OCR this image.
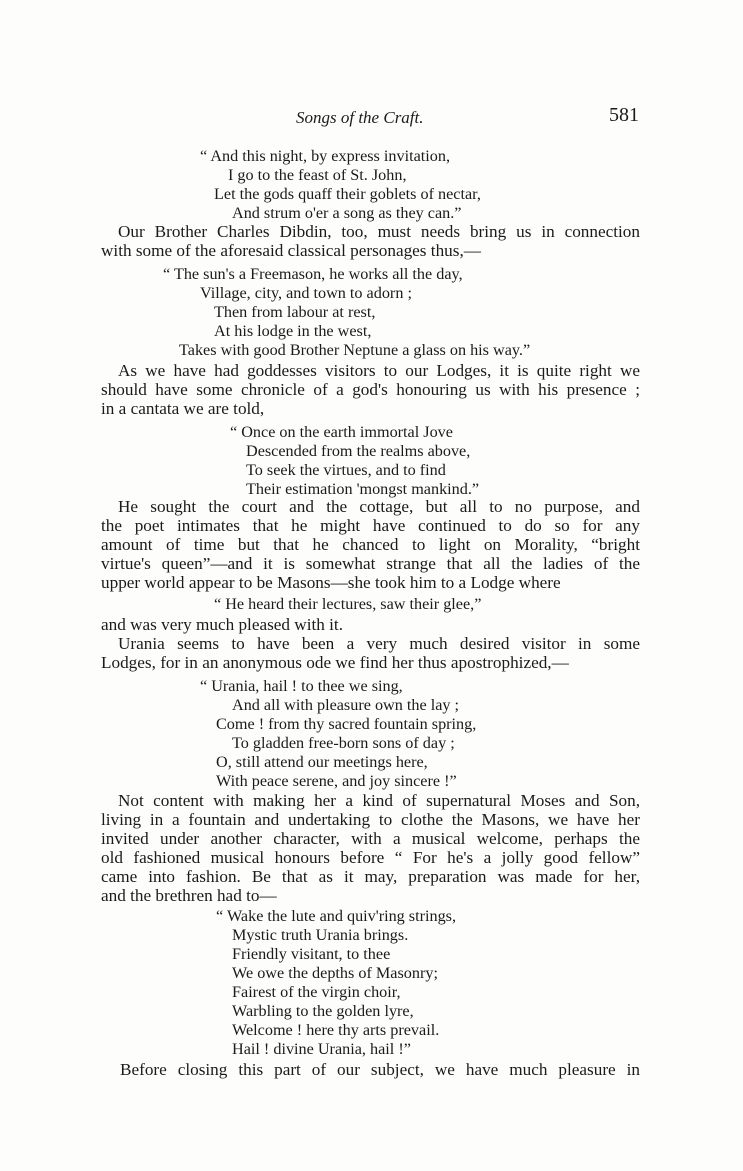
Songs of the Craft.	581
“ And this night, by express invitation,
I go to the feast of St. John,
Let the gods quaff their goblets of nectar,
And strum o'er a song as they can.”
Our Brother Charles Dibdin, too, must needs bring us in connection
with some of the aforesaid classical personages thus,—
“ The sun's a Freemason, he works all the day,
Village, city, and town to adorn ;
Then from labour at rest,
At his lodge in the west,
Takes with good Brother Neptune a glass on his way.”
As we have had goddesses visitors to our Lodges, it is quite right we
should have some chronicle of a god's honouring us with his presence ;
in a cantata we are told,
“ Once on the earth immortal Jove
Descended from the realms above,
To seek the virtues, and to find
Their estimation 'mongst mankind.”
He sought the court and the cottage, but all to no purpose, and
the poet intimates that he might have continued to do so for any
amount of time but that he chanced to light on Morality, “bright
virtue's queen”—and it is somewhat strange that all the ladies of the
upper world appear to be Masons—she took him to a Lodge where
“ He heard their lectures, saw their glee,”
and was very much pleased with it.
Urania seems to have been a very much desired visitor in some
Lodges, for in an anonymous ode we find her thus apostrophized,—
“ Urania, hail ! to thee we sing,
And all with pleasure own the lay ;
Come ! from thy sacred fountain spring,
To gladden free-born sons of day ;
O, still attend our meetings here,
With peace serene, and joy sincere !”
Not content with making her a kind of supernatural Moses and Son,
living in a fountain and undertaking to clothe the Masons, we have her
invited under another character, with a musical welcome, perhaps the
old fashioned musical honours before “ For he's a jolly good fellow”
came into fashion. Be that as it may, preparation was made for her,
and the brethren had to—
“ Wake the lute and quiv'ring strings,
Mystic truth Urania brings.
Friendly visitant, to thee
We owe the depths of Masonry;
Fairest of the virgin choir,
Warbling to the golden lyre,
Welcome ! here thy arts prevail.
Hail ! divine Urania, hail !”
Before closing this part of our subject, we have much pleasure in
